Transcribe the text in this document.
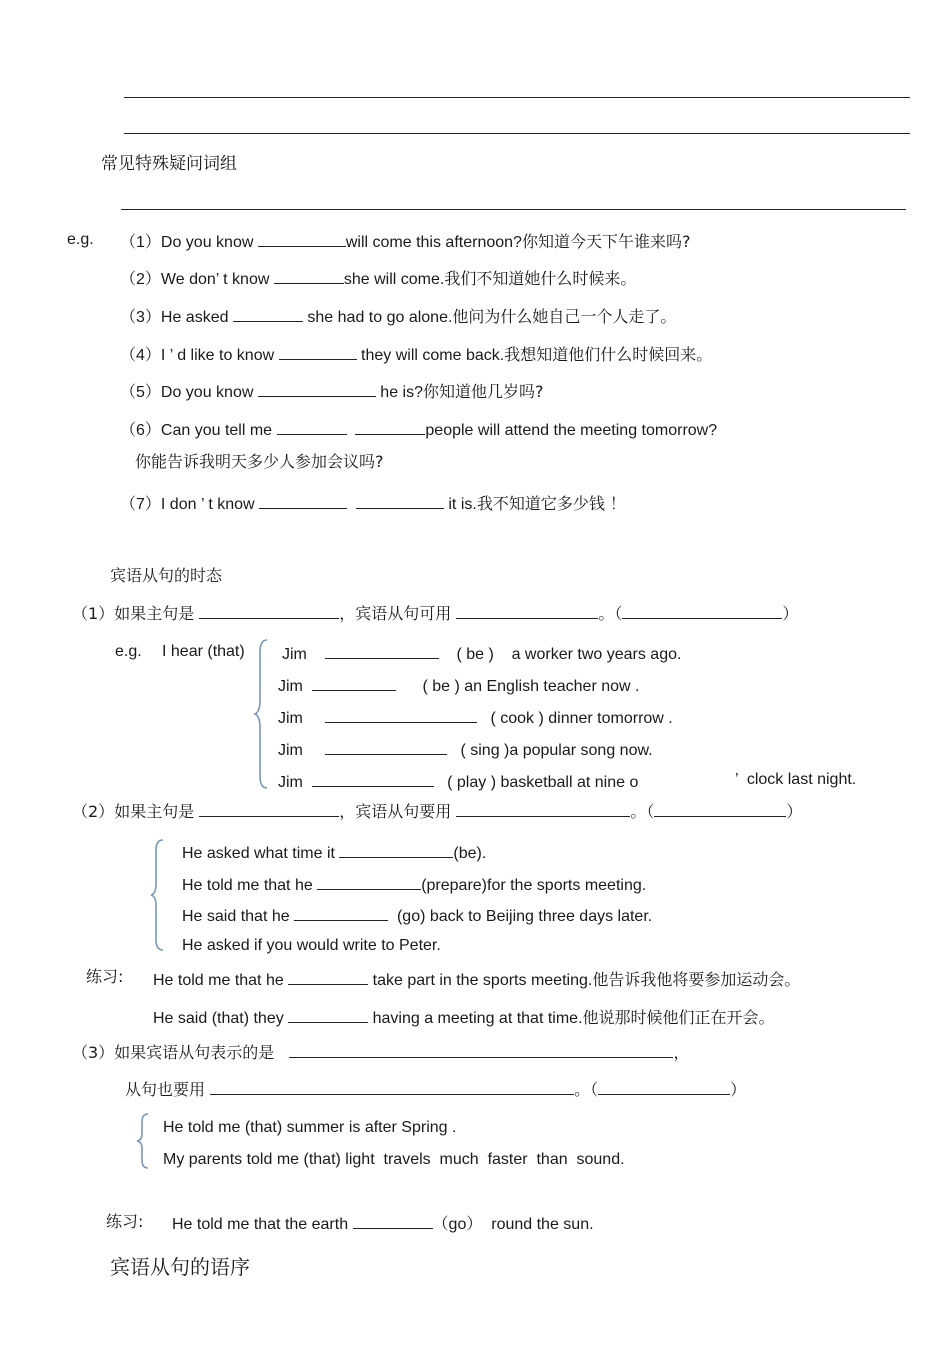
常见特殊疑问词组
e.g. （1）Do you know	will come this afternoon?你知道今天下午谁来吗?
（2）We don’ t know	she will come.我们不知道她什么时候来。
（3）He asked	she had to go alone.他问为什么她自己一个人走了。
（4）I ’ d like to know	they will come back.我想知道他们什么时候回来。
（5）Do you know	he is?你知道他几岁吗?
（6）Can you tell me	people will attend the meeting tomorrow?
你能告诉我明天多少人参加会议吗?
（7）I don ’ t know	it is.我不知道它多少钱 ！
宾语从句的时态
（1）如果主句是	，宾语从句可用	。（	）
e.g. I hear (that) Jim	( be ) a worker two years ago.
Jim	( be ) an English teacher now .
Jim	( cook ) dinner tomorrow .
Jim	( sing )a popular song now.
Jim	( play ) basketball at nine o	’  clock last night.
（2）如果主句是	，宾语从句要用	。（	）
He asked what time it	(be).
He told me that he	(prepare)for the sports meeting.
He said that he	(go) back to Beijing three days later.
He asked if you would write to Peter.
练习: He told me that he	take part in the sports meeting.他告诉我他将要参加运动会。
He said (that) they	having a meeting at that time.他说那时候他们正在开会。
（3）如果宾语从句表示的是	，
从句也要用	。（	）
He told me (that) summer is after Spring .
My parents told me (that) light  travels  much  faster  than  sound.
练习: He told me that the earth	（go）  round the sun.
宾语从句的语序
